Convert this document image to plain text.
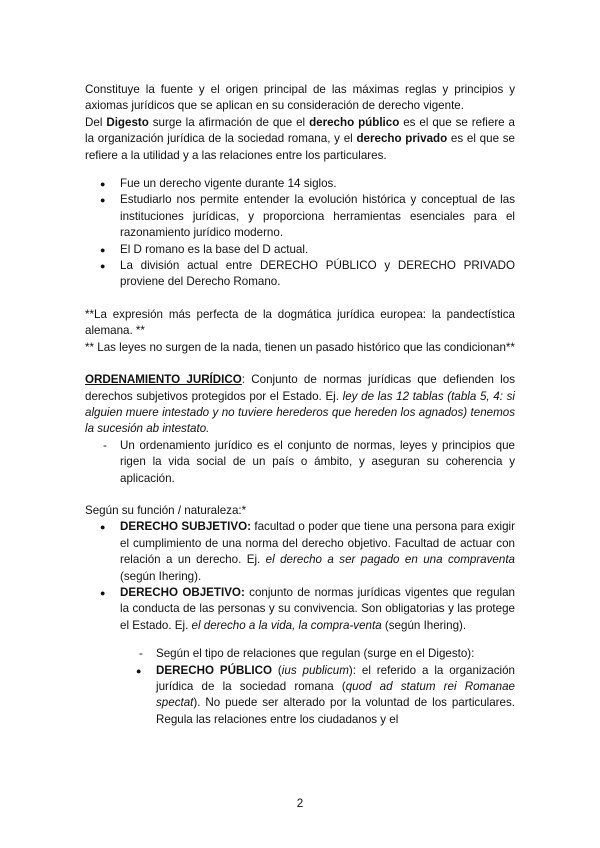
Constituye la fuente y el origen principal de las máximas reglas y principios y axiomas jurídicos que se aplican en su consideración de derecho vigente.
Del Digesto surge la afirmación de que el derecho público es el que se refiere a la organización jurídica de la sociedad romana, y el derecho privado es el que se refiere a la utilidad y a las relaciones entre los particulares.

● Fue un derecho vigente durante 14 siglos.
● Estudiarlo nos permite entender la evolución histórica y conceptual de las instituciones jurídicas, y proporciona herramientas esenciales para el razonamiento jurídico moderno.
● El D romano es la base del D actual.
● La división actual entre DERECHO PÚBLICO y DERECHO PRIVADO proviene del Derecho Romano.

**La expresión más perfecta de la dogmática jurídica europea: la pandectística alemana. **

** Las leyes no surgen de la nada, tienen un pasado histórico que las condicionan**

ORDENAMIENTO JURÍDICO: Conjunto de normas jurídicas que defienden los derechos subjetivos protegidos por el Estado. Ej. ley de las 12 tablas (tabla 5, 4: si alguien muere intestado y no tuviere herederos que hereden los agnados) tenemos la sucesión ab intestato.

- Un ordenamiento jurídico es el conjunto de normas, leyes y principios que rigen la vida social de un país o ámbito, y aseguran su coherencia y aplicación.

Según su función / naturaleza:*

● DERECHO SUBJETIVO: facultad o poder que tiene una persona para exigir el cumplimiento de una norma del derecho objetivo. Facultad de actuar con relación a un derecho. Ej. el derecho a ser pagado en una compraventa (según Ihering).
● DERECHO OBJETIVO: conjunto de normas jurídicas vigentes que regulan la conducta de las personas y su convivencia. Son obligatorias y las protege el Estado. Ej. el derecho a la vida, la compra-venta (según Ihering).
- Según el tipo de relaciones que regulan (surge en el Digesto):
● DERECHO PÚBLICO (ius publicum): el referido a la organización jurídica de la sociedad romana (quod ad statum rei Romanae spectat). No puede ser alterado por la voluntad de los particulares. Regula las relaciones entre los ciudadanos y el
2
